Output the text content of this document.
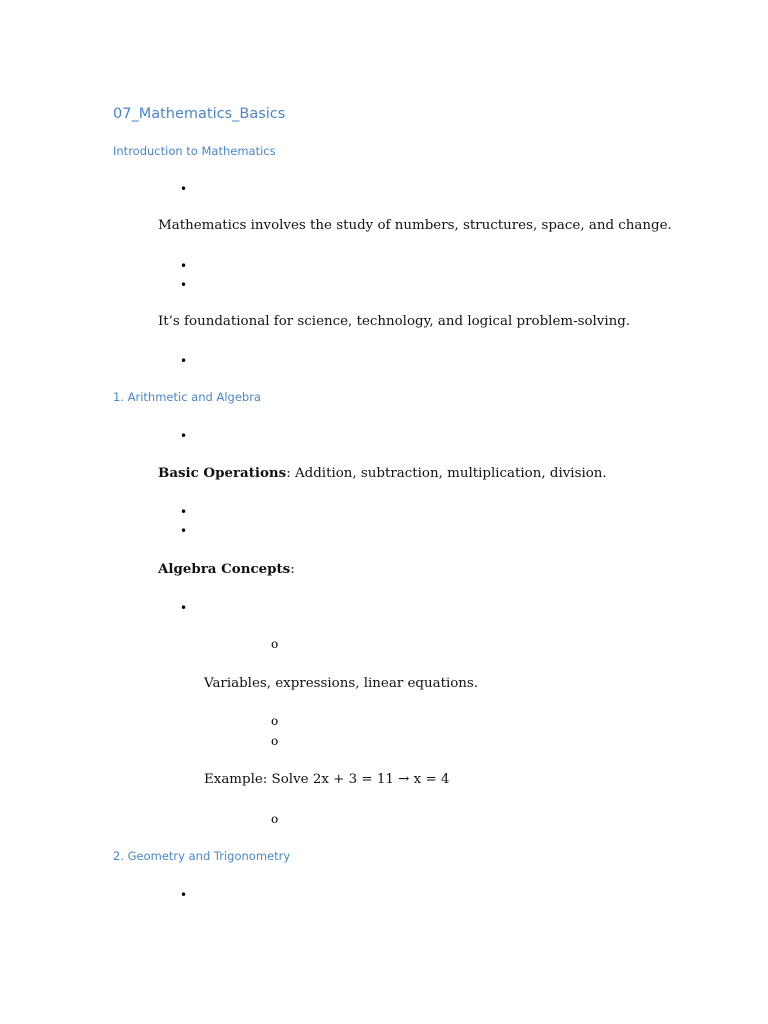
07_Mathematics_Basics
Introduction to Mathematics
•
Mathematics involves the study of numbers, structures, space, and change.
•
•
It’s foundational for science, technology, and logical problem-solving.
•
1. Arithmetic and Algebra
•
Basic Operations: Addition, subtraction, multiplication, division.
•
•
Algebra Concepts:
•
o
Variables, expressions, linear equations.
o
o
Example: Solve 2x + 3 = 11 → x = 4
o
2. Geometry and Trigonometry
•
